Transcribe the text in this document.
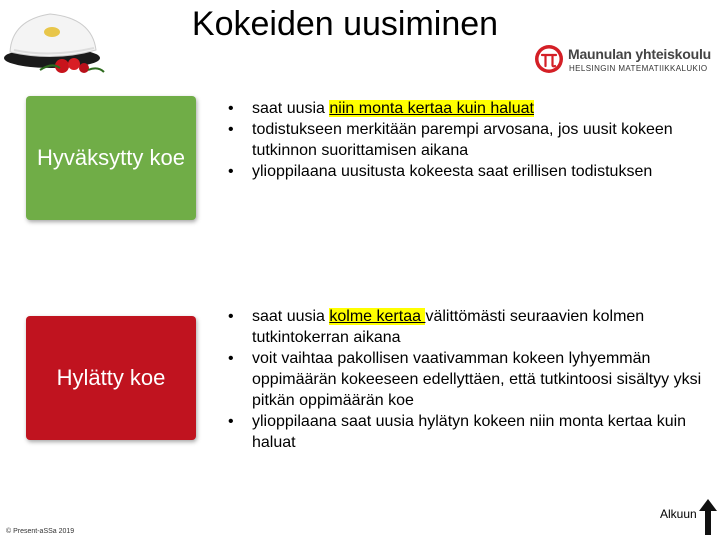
Kokeiden uusiminen
Maunulan yhteiskoulu
HELSINGIN MATEMATIIKKALUKIO
Hyväksytty koe
Hylätty koe
• saat uusia niin monta kertaa kuin haluat
• todistukseen merkitään parempi arvosana, jos uusit kokeen tutkinnon suorittamisen aikana
• ylioppilaana uusitusta kokeesta saat erillisen todistuksen
• saat uusia kolme kertaa välittömästi seuraavien kolmen tutkintokerran aikana
• voit vaihtaa pakollisen vaativamman kokeen lyhyemmän oppimäärän kokeeseen edellyttäen, että tutkintoosi sisältyy yksi pitkän oppimäärän koe
• ylioppilaana saat uusia hylätyn kokeen niin monta kertaa kuin haluat
© Present-aSSa 2019
Alkuun
